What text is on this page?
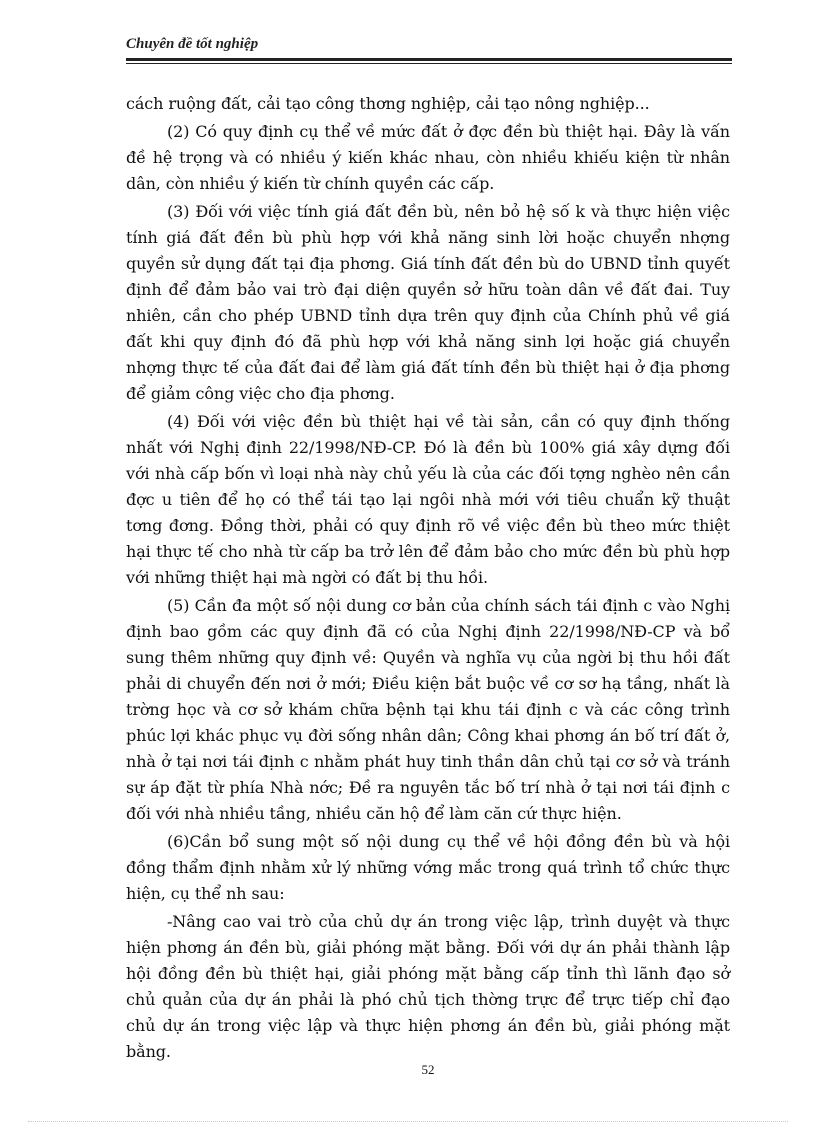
Chuyên đề tốt nghiệp

cách ruộng đất, cải tạo công thơng nghiệp, cải tạo nông nghiệp...

(2) Có quy định cụ thể về mức đất ở đợc đền bù thiệt hại. Đây là vấn đề hệ trọng và có nhiều ý kiến khác nhau, còn nhiều khiếu kiện từ nhân dân, còn nhiều ý kiến từ chính quyền các cấp.

(3) Đối với việc tính giá đất đền bù, nên bỏ hệ số k và thực hiện việc tính giá đất đền bù phù hợp với khả năng sinh lời hoặc chuyển nhợng quyền sử dụng đất tại địa phơng. Giá tính đất đền bù do UBND tỉnh quyết định để đảm bảo vai trò đại diện quyền sở hữu toàn dân về đất đai. Tuy nhiên, cần cho phép UBND tỉnh dựa trên quy định của Chính phủ về giá đất khi quy định đó đã phù hợp với khả năng sinh lợi hoặc giá chuyển nhợng thực tế của đất đai để làm giá đất tính đền bù thiệt hại ở địa phơng để giảm công việc cho địa phơng.

(4) Đối với việc đền bù thiệt hại về tài sản, cần có quy định thống nhất với Nghị định 22/1998/NĐ-CP. Đó là đền bù 100% giá xây dựng đối với nhà cấp bốn vì loại nhà này chủ yếu là của các đối tợng nghèo nên cần đợc u tiên để họ có thể tái tạo lại ngôi nhà mới với tiêu chuẩn kỹ thuật tơng đơng. Đồng thời, phải có quy định rõ về việc đền bù theo mức thiệt hại thực tế cho nhà từ cấp ba trở lên để đảm bảo cho mức đền bù phù hợp với những thiệt hại mà ngời có đất bị thu hồi.

(5) Cần đa một số nội dung cơ bản của chính sách tái định c vào Nghị định bao gồm các quy định đã có của Nghị định 22/1998/NĐ-CP và bổ sung thêm những quy định về: Quyền và nghĩa vụ của ngời bị thu hồi đất phải di chuyển đến nơi ở mới; Điều kiện bắt buộc về cơ sơ hạ tầng, nhất là trờng học và cơ sở khám chữa bệnh tại khu tái định c và các công trình phúc lợi khác phục vụ đời sống nhân dân; Công khai phơng án bố trí đất ở, nhà ở tại nơi tái định c nhằm phát huy tinh thần dân chủ tại cơ sở và tránh sự áp đặt từ phía Nhà nớc; Đề ra nguyên tắc bố trí nhà ở tại nơi tái định c đối với nhà nhiều tầng, nhiều căn hộ để làm căn cứ thực hiện.

(6)Cần bổ sung một số nội dung cụ thể về hội đồng đền bù và hội đồng thẩm định nhằm xử lý những vớng mắc trong quá trình tổ chức thực hiện, cụ thể nh sau:

-Nâng cao vai trò của chủ dự án trong việc lập, trình duyệt và thực hiện phơng án đền bù, giải phóng mặt bằng. Đối với dự án phải thành lập hội đồng đền bù thiệt hại, giải phóng mặt bằng cấp tỉnh thì lãnh đạo sở chủ quản của dự án phải là phó chủ tịch thờng trực để trực tiếp chỉ đạo chủ dự án trong việc lập và thực hiện phơng án đền bù, giải phóng mặt bằng.

52
